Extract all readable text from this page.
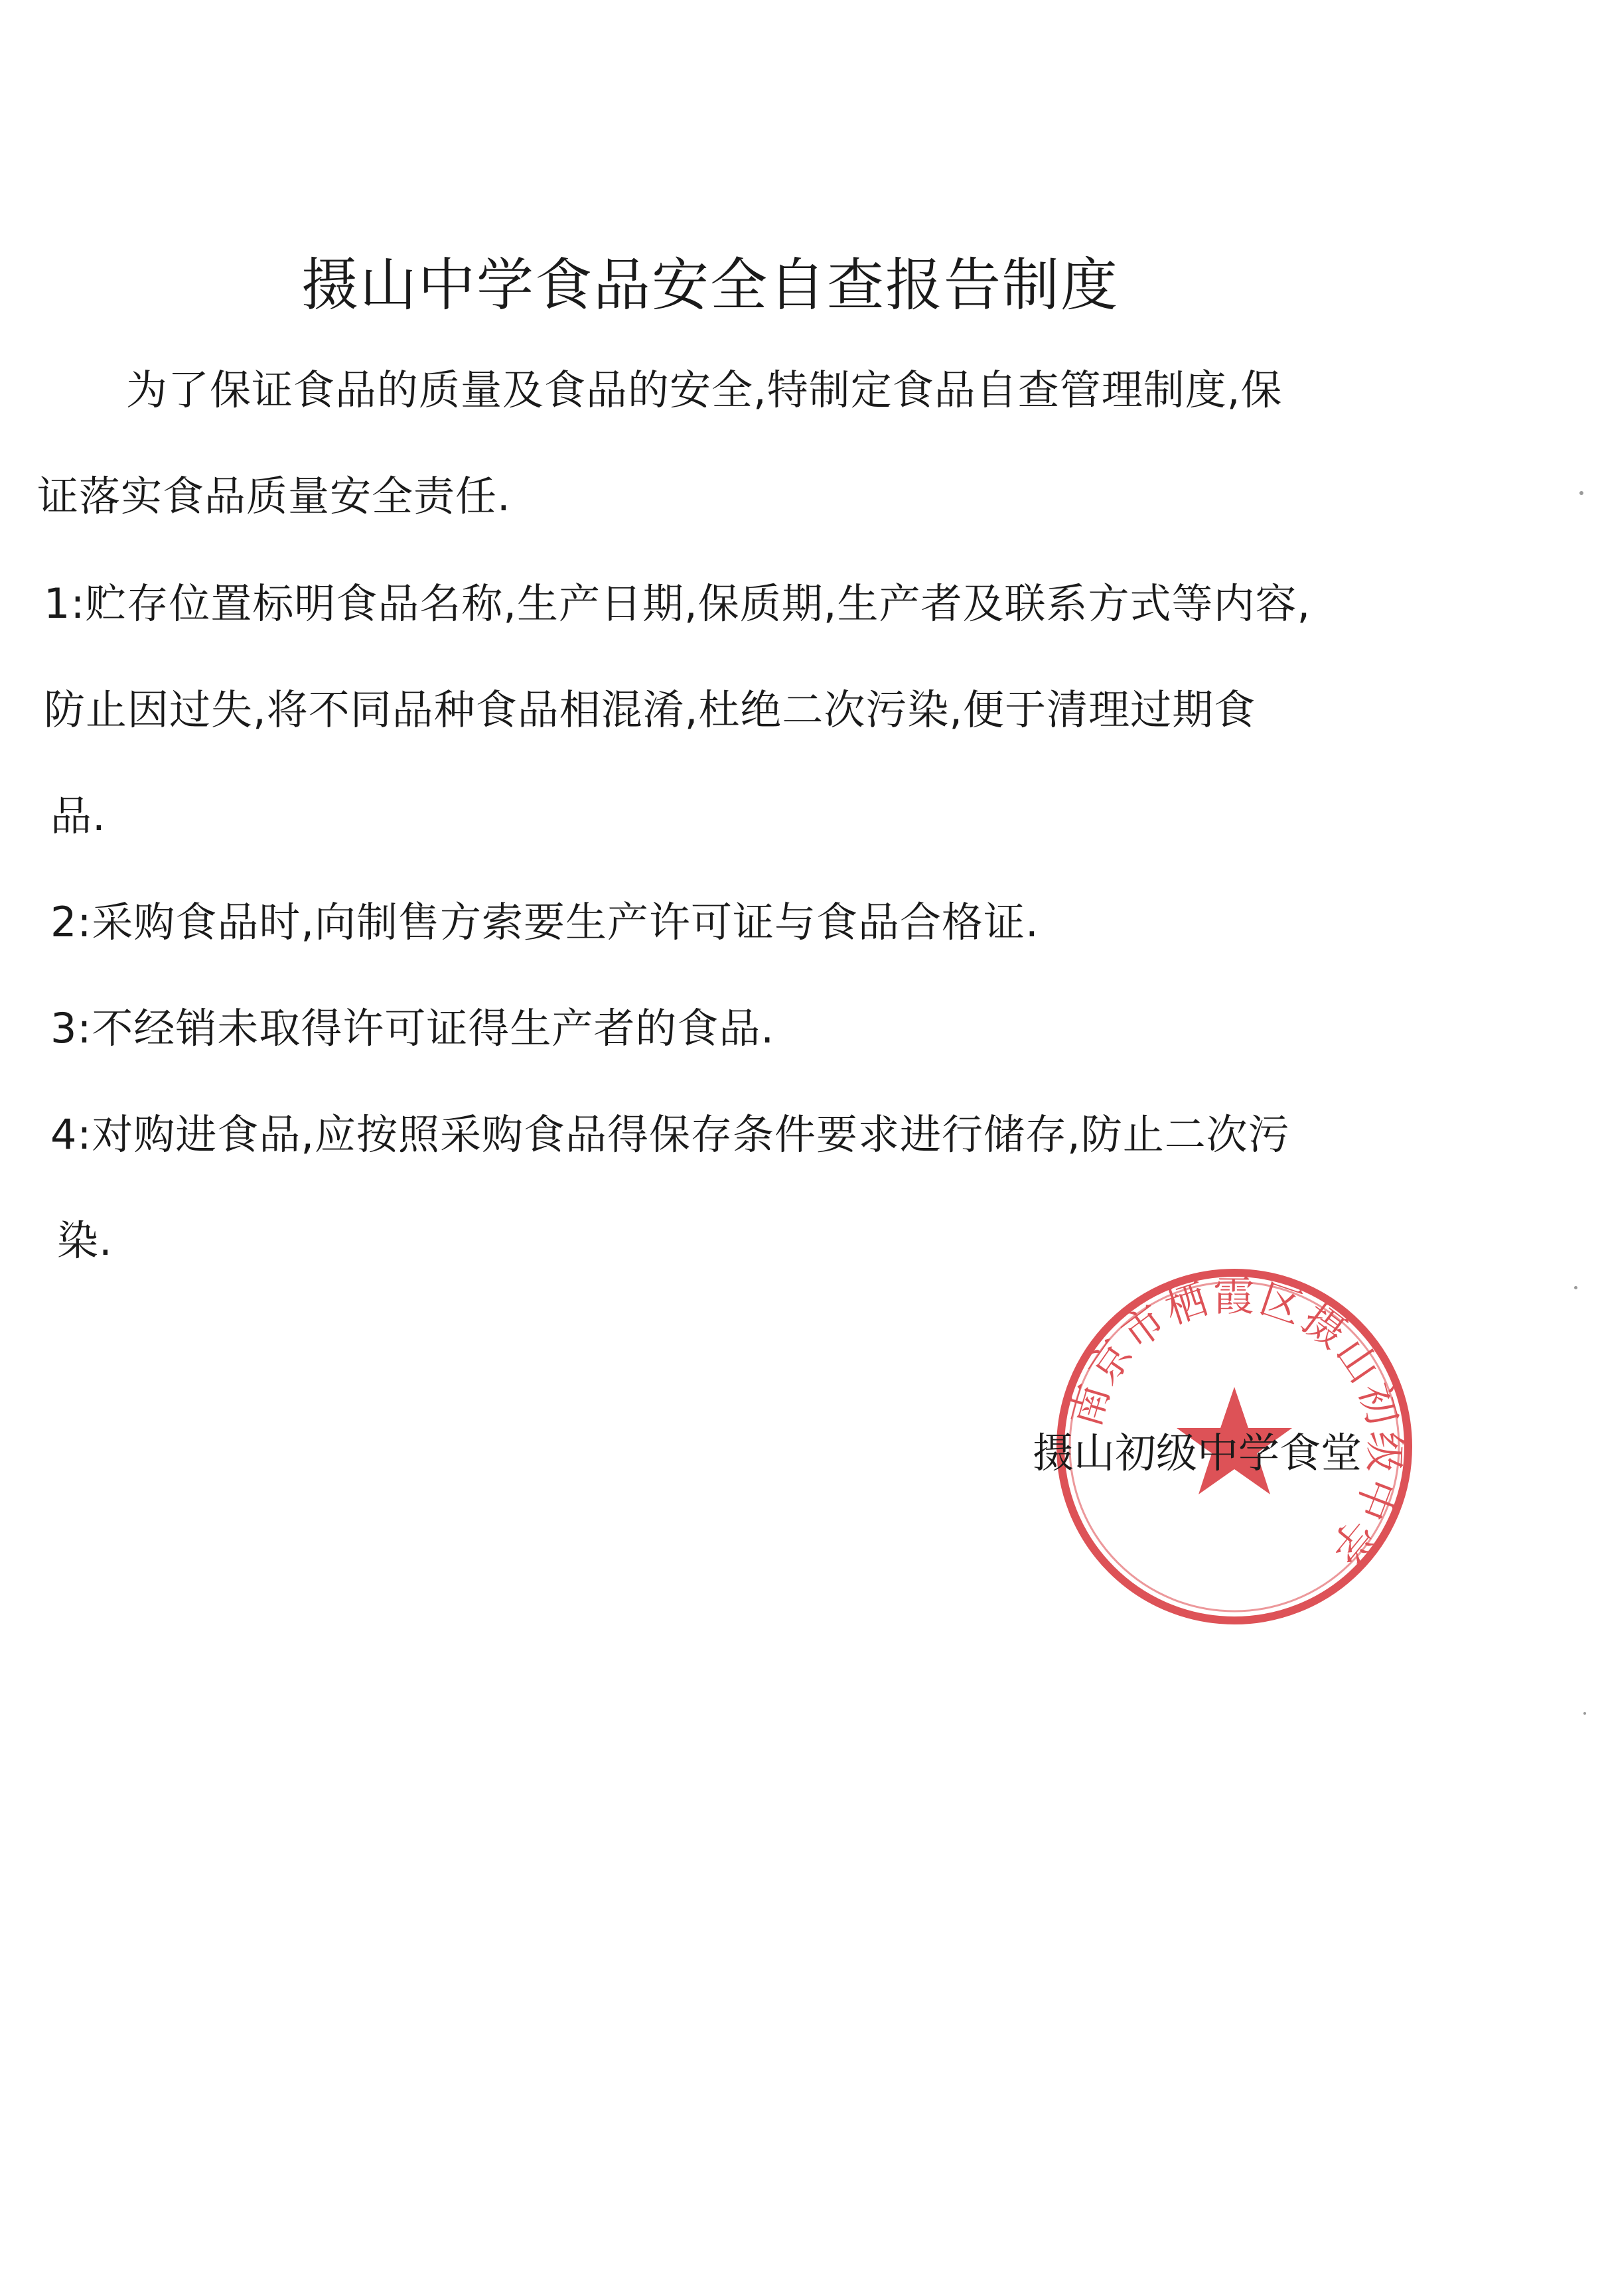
摄山中学食品安全自查报告制度
为了保证食品的质量及食品的安全,特制定食品自查管理制度,保
证落实食品质量安全责任.
1:贮存位置标明食品名称,生产日期,保质期,生产者及联系方式等内容,
防止因过失,将不同品种食品相混淆,杜绝二次污染,便于清理过期食
品.
2:采购食品时,向制售方索要生产许可证与食品合格证.
3:不经销未取得许可证得生产者的食品.
4:对购进食品,应按照采购食品得保存条件要求进行储存,防止二次污
染.
南京市栖霞区摄山初级中学
摄山初级中学食堂
